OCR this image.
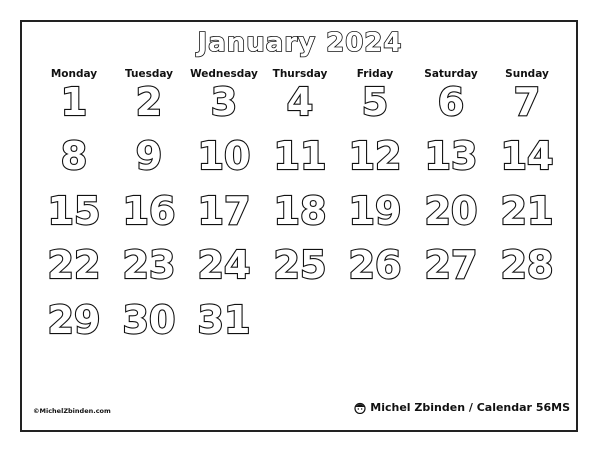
January 2024
Monday	Tuesday	Wednesday	Thursday	Friday	Saturday	Sunday
1	2	3	4	5	6	7
8	9 10 11 12 13 14
15 16 17 18 19 20 21
22 23 24 25 26 27 28
29 30 31
©MichelZbinden.com	Michel Zbinden / Calendar 56MS
